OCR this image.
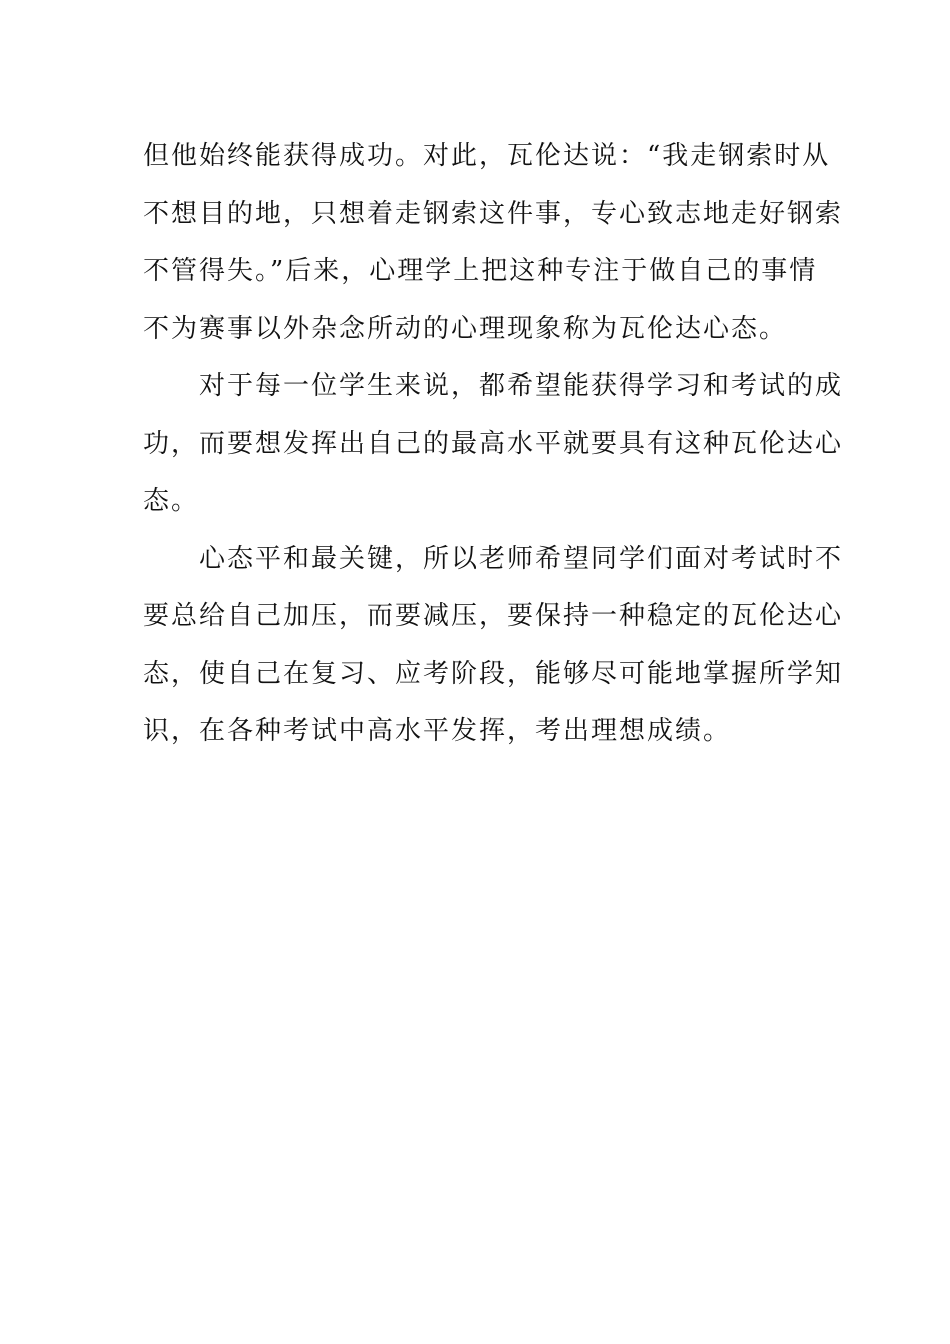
但他始终能获得成功。对此，瓦伦达说：“我走钢索时从
不想目的地，只想着走钢索这件事，专心致志地走好钢索
不管得失。”后来，心理学上把这种专注于做自己的事情
不为赛事以外杂念所动的心理现象称为瓦伦达心态。
　　对于每一位学生来说，都希望能获得学习和考试的成
功，而要想发挥出自己的最高水平就要具有这种瓦伦达心
态。
　　心态平和最关键，所以老师希望同学们面对考试时不
要总给自己加压，而要减压，要保持一种稳定的瓦伦达心
态，使自己在复习、应考阶段，能够尽可能地掌握所学知
识，在各种考试中高水平发挥，考出理想成绩。
